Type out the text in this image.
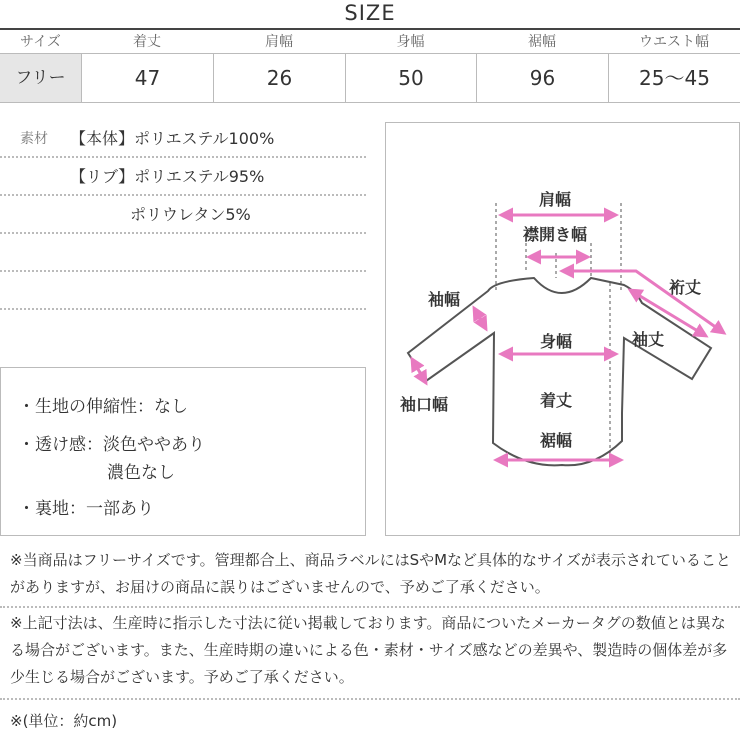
SIZE
サイズ	着丈	肩幅	身幅	裾幅	ウエスト幅
フリー	47	26	50	96	25〜45
素材 【本体】ポリエステル100%
【リブ】ポリエステル95%
ポリウレタン5%
・生地の伸縮性：なし
・透け感：淡色ややあり
濃色なし
・裏地：一部あり
肩幅
襟開き幅
裄丈
袖幅
袖丈
身幅
袖口幅	着丈
裾幅
※当商品はフリーサイズです。管理都合上、商品ラベルにはSやMなど具体的なサイズが表示されていることがありますが、お届けの商品に誤りはございませんので、予めご了承ください。
※上記寸法は、生産時に指示した寸法に従い掲載しております。商品についたメーカータグの数値とは異なる場合がございます。また、生産時期の違いによる色・素材・サイズ感などの差異や、製造時の個体差が多少生じる場合がございます。予めご了承ください。
※(単位：約cm)
